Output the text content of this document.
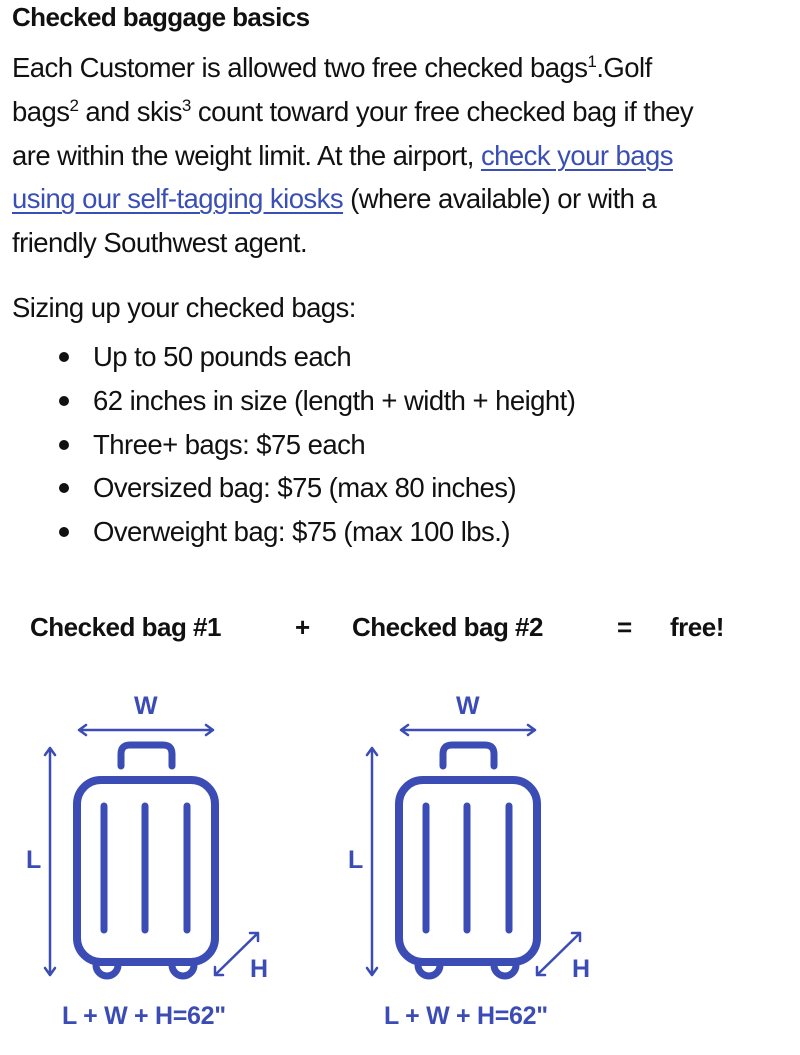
Checked baggage basics
Each Customer is allowed two free checked bags$^1$.Golf
bags$^2$ and skis$^3$ count toward your free checked bag if they
are within the weight limit. At the airport, check your bags
using our self-tagging kiosks (where available) or with a
friendly Southwest agent.
Sizing up your checked bags:
Up to 50 pounds each
62 inches in size (length + width + height)
Three+ bags: $75 each
Oversized bag: $75 (max 80 inches)
Overweight bag: $75 (max 100 lbs.)
Checked bag #1	+ Checked bag #2	= free!
W
L
H
L + W + H=62"
W
L
H
L + W + H=62"
